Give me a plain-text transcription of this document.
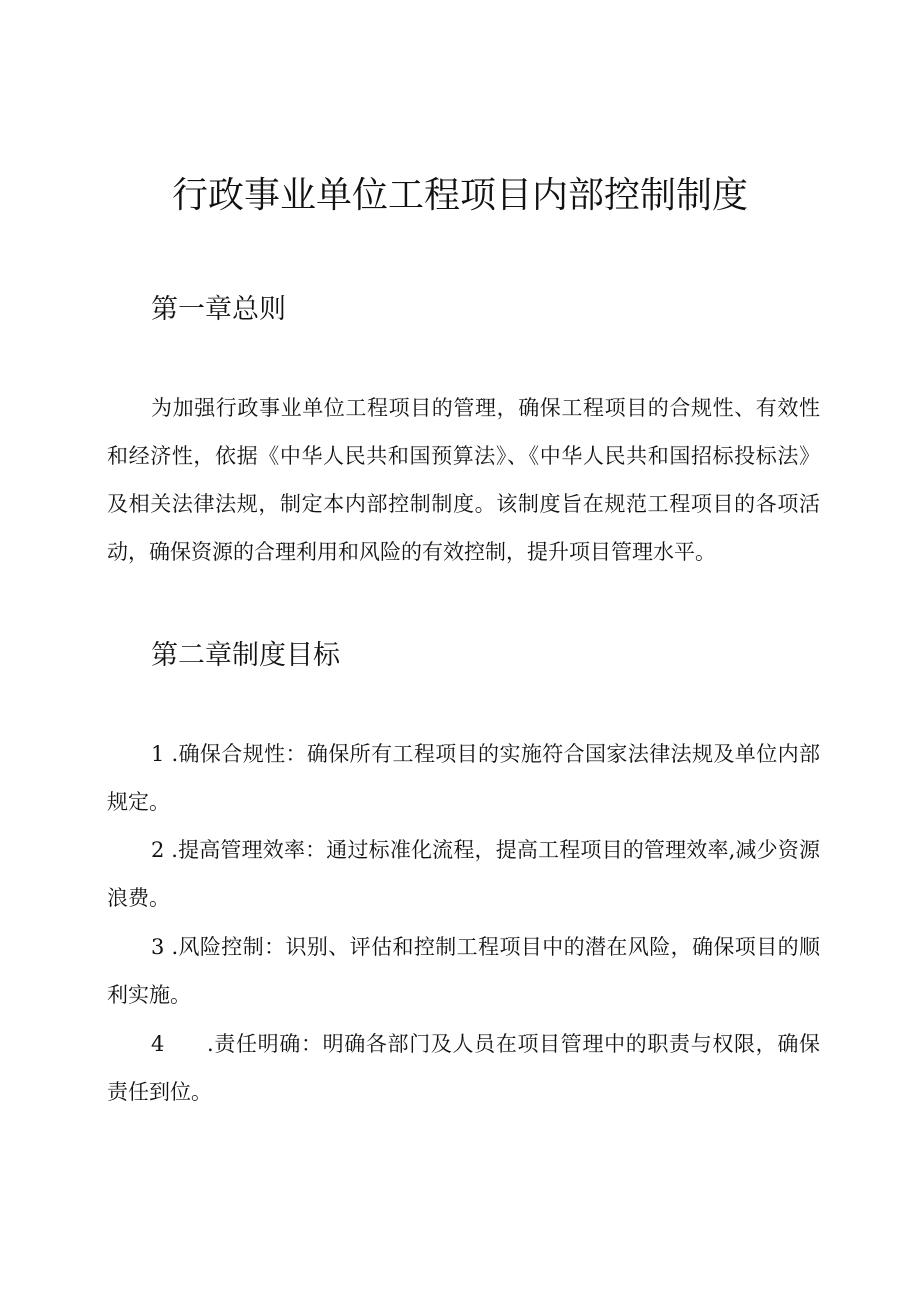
行政事业单位工程项目内部控制制度
第一章总则

为加强行政事业单位工程项目的管理，确保工程项目的合规性、有效性和经济性，依据《中华人民共和国预算法》、《中华人民共和国招标投标法》及相关法律法规，制定本内部控制制度。该制度旨在规范工程项目的各项活动，确保资源的合理利用和风险的有效控制，提升项目管理水平。

第二章制度目标

1 .确保合规性：确保所有工程项目的实施符合国家法律法规及单位内部规定。

2 .提高管理效率：通过标准化流程，提高工程项目的管理效率,减少资源浪费。

3 .风险控制：识别、评估和控制工程项目中的潜在风险，确保项目的顺利实施。

4 .责任明确：明确各部门及人员在项目管理中的职责与权限，确保责任到位。
